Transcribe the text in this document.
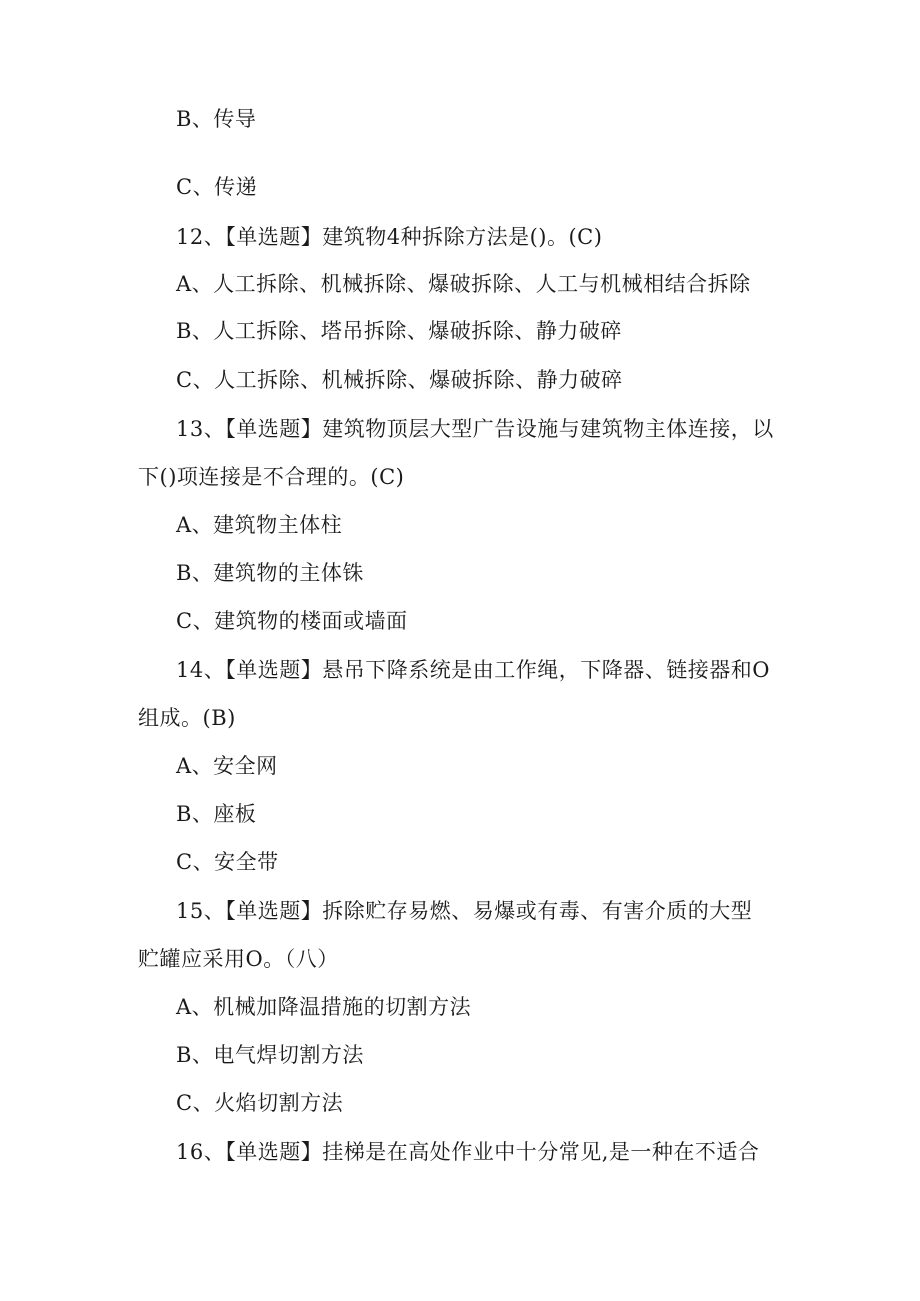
B、传导
C、传递
12、【单选题】建筑物4种拆除方法是()。(C)
A、人工拆除、机械拆除、爆破拆除、人工与机械相结合拆除
B、人工拆除、塔吊拆除、爆破拆除、静力破碎
C、人工拆除、机械拆除、爆破拆除、静力破碎
13、【单选题】建筑物顶层大型广告设施与建筑物主体连接，以
下()项连接是不合理的。(C)
A、建筑物主体柱
B、建筑物的主体铢
C、建筑物的楼面或墙面
14、【单选题】悬吊下降系统是由工作绳，下降器、链接器和O
组成。(B)
A、安全网
B、座板
C、安全带
15、【单选题】拆除贮存易燃、易爆或有毒、有害介质的大型
贮罐应采用O。（八）
A、机械加降温措施的切割方法
B、电气焊切割方法
C、火焰切割方法
16、【单选题】挂梯是在高处作业中十分常见,是一种在不适合
